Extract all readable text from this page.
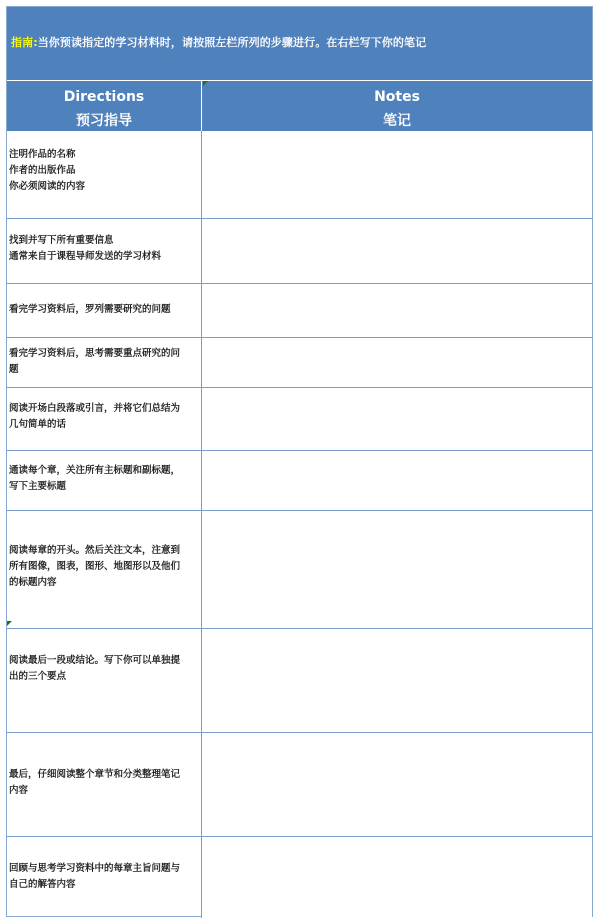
指南:当你预读指定的学习材料时，请按照左栏所列的步骤进行。在右栏写下你的笔记
Directions
预习指导
Notes
笔记
注明作品的名称
作者的出版作品
你必须阅读的内容
找到并写下所有重要信息
通常来自于课程导师发送的学习材料
看完学习资料后，罗列需要研究的问题
看完学习资料后，思考需要重点研究的问
题
阅读开场白段落或引言，并将它们总结为
几句简单的话
通读每个章，关注所有主标题和副标题，
写下主要标题
阅读每章的开头。然后关注文本，注意到
所有图像，图表，图形、地图形以及他们
的标题内容
阅读最后一段或结论。写下你可以单独提
出的三个要点
最后，仔细阅读整个章节和分类整理笔记
内容
回顾与思考学习资料中的每章主旨问题与
自己的解答内容
